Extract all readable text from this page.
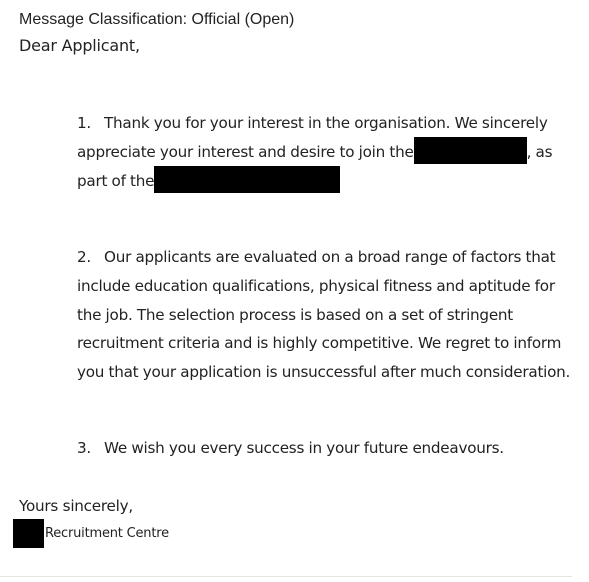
Message Classification: Official (Open)
Dear Applicant,
1. Thank you for your interest in the organisation. We sincerely appreciate your interest and desire to join the	, as part of the
2. Our applicants are evaluated on a broad range of factors that include education qualifications, physical fitness and aptitude for the job. The selection process is based on a set of stringent recruitment criteria and is highly competitive. We regret to inform you that your application is unsuccessful after much consideration.
3. We wish you every success in your future endeavours.
Yours sincerely,
Recruitment Centre
